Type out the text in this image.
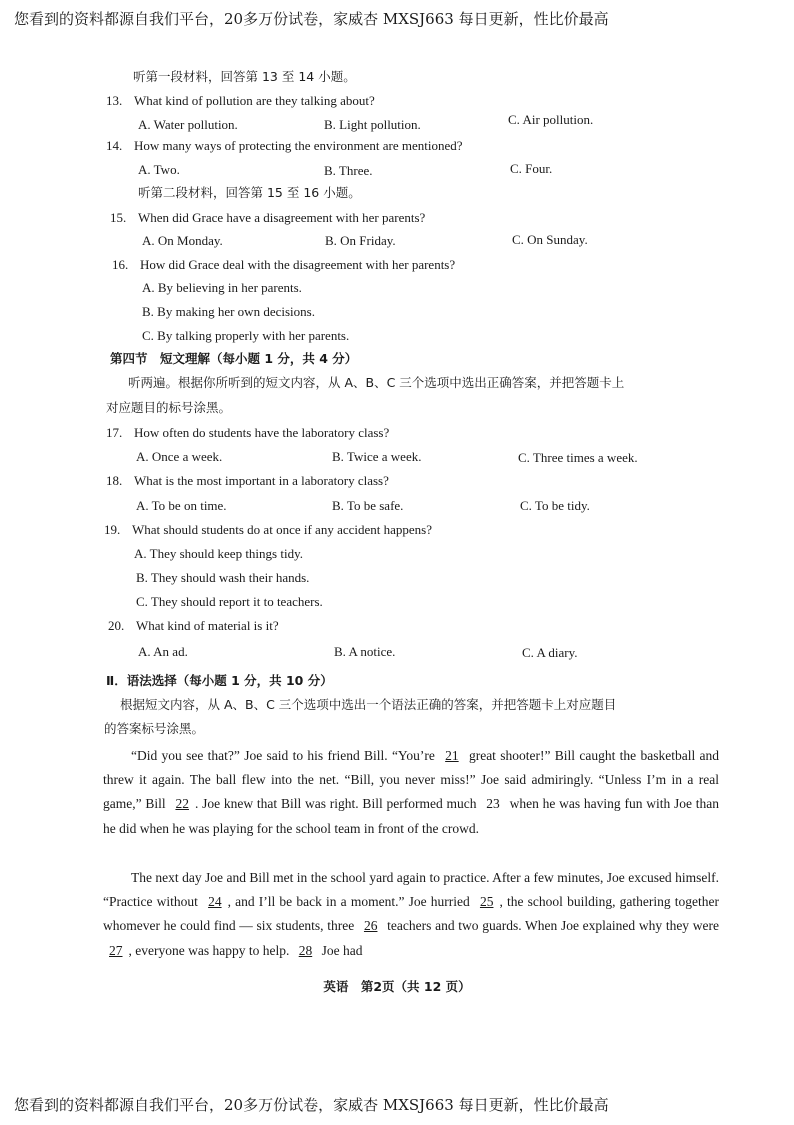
您看到的资料都源自我们平台，20多万份试卷，家威杏 MXSJ663 每日更新，性比价最高
听第一段材料，回答第 13 至 14 小题。
13. What kind of pollution are they talking about?
A. Water pollution.	B. Light pollution.	C. Air pollution.
14. How many ways of protecting the environment are mentioned?
A. Two.	B. Three.	C. Four.
听第二段材料，回答第 15 至 16 小题。
15. When did Grace have a disagreement with her parents?
A. On Monday.	B. On Friday.	C. On Sunday.
16. How did Grace deal with the disagreement with her parents?
A. By believing in her parents.
B. By making her own decisions.
C. By talking properly with her parents.
第四节　短文理解（每小题 1 分，共 4 分）
听两遍。根据你所听到的短文内容，从 A、B、C 三个选项中选出正确答案，并把答题卡上
对应题目的标号涂黑。
17. How often do students have the laboratory class?
A. Once a week.	B. Twice a week.	C. Three times a week.
18. What is the most important in a laboratory class?
A. To be on time.	B. To be safe.	C. To be tidy.
19. What should students do at once if any accident happens?
A. They should keep things tidy.
B. They should wash their hands.
C. They should report it to teachers.
20. What kind of material is it?
A. An ad.	B. A notice.	C. A diary.
Ⅱ．语法选择（每小题 1 分，共 10 分）
根据短文内容，从 A、B、C 三个选项中选出一个语法正确的答案，并把答题卡上对应题目
的答案标号涂黑。

“Did you see that?” Joe said to his friend Bill. “You’re 21 great shooter!” Bill caught the basketball and threw it again. The ball flew into the net. “Bill, you never miss!” Joe said admiringly. “Unless I’m in a real game,” Bill 22 . Joe knew that Bill was right. Bill performed much 23 when he was having fun with Joe than he did when he was playing for the school team in front of the crowd.

The next day Joe and Bill met in the school yard again to practice. After a few minutes, Joe excused himself. “Practice without 24 , and I’ll be back in a moment.” Joe hurried 25 , the school building, gathering together whomever he could find — six students, three 26 teachers and two guards. When Joe explained why they were 27 , everyone was happy to help. 28 Joe had

英语　第2页（共 12 页）
您看到的资料都源自我们平台，20多万份试卷，家威杏 MXSJ663 每日更新，性比价最高
